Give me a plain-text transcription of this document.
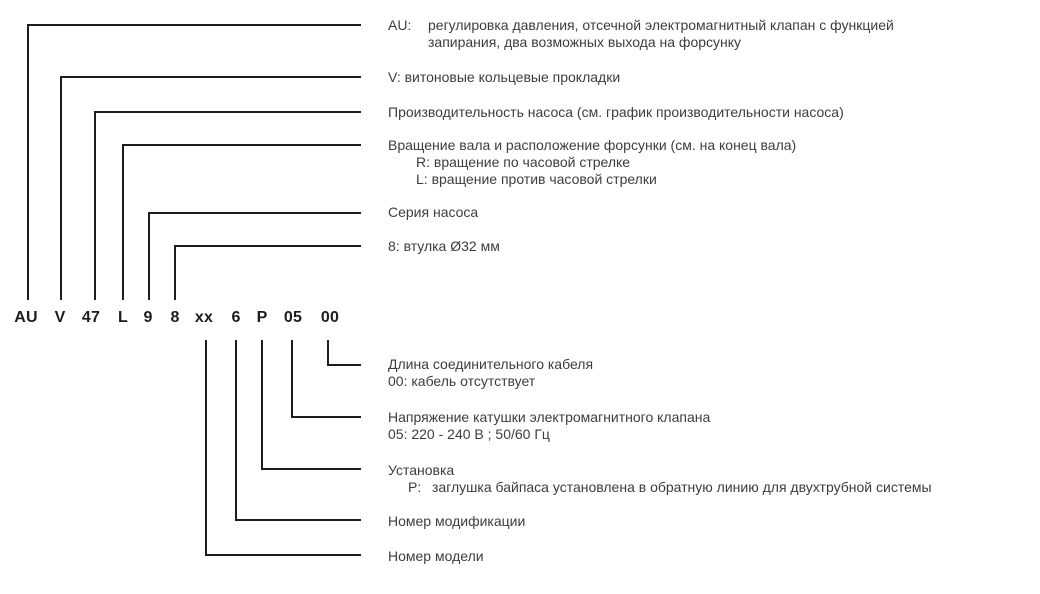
AU V 47 L 9 8 xx 6 P 05 00
AU: регулировка давления, отсечной электромагнитный клапан с функцией
запирания, два возможных выхода на форсунку
V: витоновые кольцевые прокладки
Производительность насоса (см. график производительности насоса)
Вращение вала и расположение форсунки (см. на конец вала)
R: вращение по часовой стрелке
L: вращение против часовой стрелки
Серия насоса
8: втулка Ø32 мм
Длина соединительного кабеля
00: кабель отсутствует
Напряжение катушки электромагнитного клапана
05: 220 - 240 В ; 50/60 Гц
Установка
P: заглушка байпаса установлена в обратную линию для двухтрубной системы
Номер модификации
Номер модели
